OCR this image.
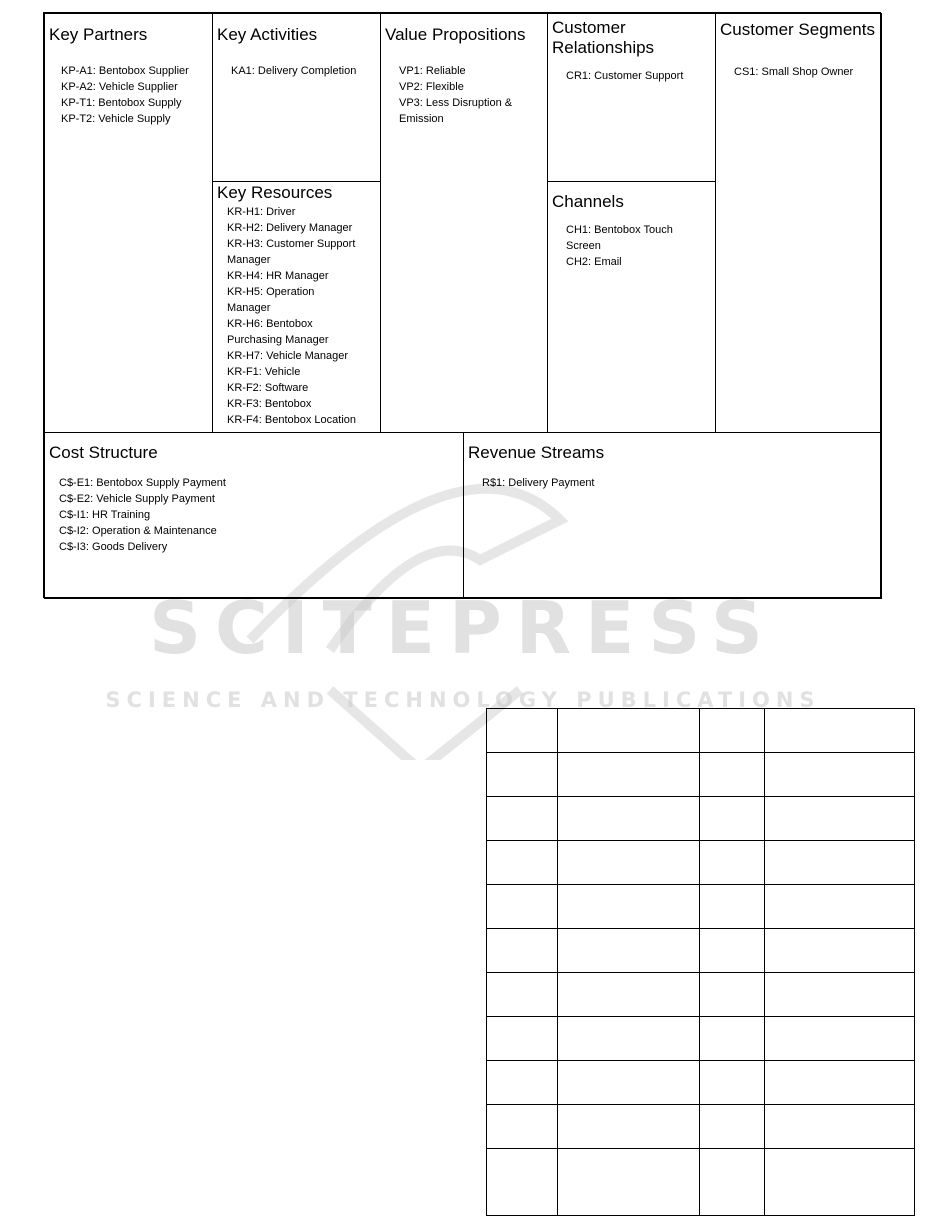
SCITEPRESS
SCIENCE AND TECHNOLOGY PUBLICATIONS
Key Partners
KP-A1: Bentobox Supplier
KP-A2: Vehicle Supplier
KP-T1: Bentobox Supply
KP-T2: Vehicle Supply
Key Activities
KA1: Delivery Completion
Key Resources
KR-H1: Driver
KR-H2: Delivery Manager
KR-H3: Customer Support
Manager
KR-H4: HR Manager
KR-H5: Operation
Manager
KR-H6: Bentobox
Purchasing Manager
KR-H7: Vehicle Manager
KR-F1: Vehicle
KR-F2: Software
KR-F3: Bentobox
KR-F4: Bentobox Location
Value Propositions
VP1: Reliable
VP2: Flexible
VP3: Less Disruption &
Emission
Customer
Relationships
CR1: Customer Support
Channels
CH1: Bentobox Touch
Screen
CH2: Email
Customer Segments
CS1: Small Shop Owner
Cost Structure
C$-E1: Bentobox Supply Payment
C$-E2: Vehicle Supply Payment
C$-I1: HR Training
C$-I2: Operation & Maintenance
C$-I3: Goods Delivery
Revenue Streams
R$1: Delivery Payment
